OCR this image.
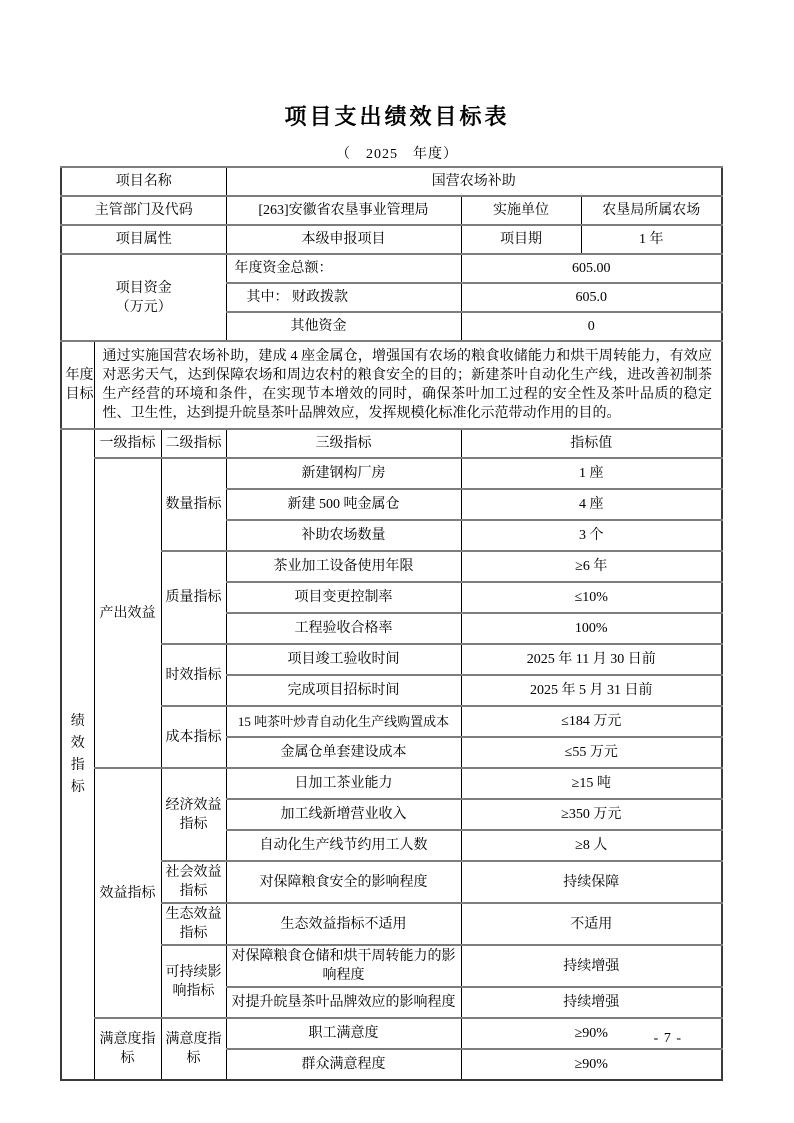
项目支出绩效目标表
（　2025　年度）
项目名称			国营农场补助		
主管部门及代码			[263]安徽省农垦事业管理局	实施单位	农垦局所属农场
项目属性			本级申报项目	项目期	1 年
项目资金
（万元）			年度资金总额：	605.00	
			其中： 财政拨款	605.0	
			其他资金	0	
年度目标	通过实施国营农场补助，建成 4 座金属仓，增强国有农场的粮食收储能力和烘干周转能力，有效应对恶劣天气，达到保障农场和周边农村的粮食安全的目的；新建茶叶自动化生产线，进改善初制茶生产经营的环境和条件，在实现节本增效的同时，确保茶叶加工过程的安全性及茶叶品质的稳定性、卫生性，达到提升皖垦茶叶品牌效应，发挥规模化标准化示范带动作用的目的。				
绩效指标	一级指标	二级指标	三级指标	指标值	
	产出效益	数量指标	新建钢构厂房	1 座	
			新建 500 吨金属仓	4 座	
			补助农场数量	3 个	
		质量指标	茶业加工设备使用年限	≥6 年	
			项目变更控制率	≤10%	
			工程验收合格率	100%	
		时效指标	项目竣工验收时间	2025 年 11 月 30 日前	
			完成项目招标时间	2025 年 5 月 31 日前	
		成本指标	15 吨茶叶炒青自动化生产线购置成本	≤184 万元	
			金属仓单套建设成本	≤55 万元	
	效益指标	经济效益指标	日加工茶业能力	≥15 吨	
			加工线新增营业收入	≥350 万元	
			自动化生产线节约用工人数	≥8 人	
		社会效益指标	对保障粮食安全的影响程度	持续保障	
		生态效益指标	生态效益指标不适用	不适用	
		可持续影响指标	对保障粮食仓储和烘干周转能力的影响程度	持续增强	
			对提升皖垦茶叶品牌效应的影响程度	持续增强	
	满意度指标	满意度指标	职工满意度	≥90%	
			群众满意程度	≥90%	
- 7 -
